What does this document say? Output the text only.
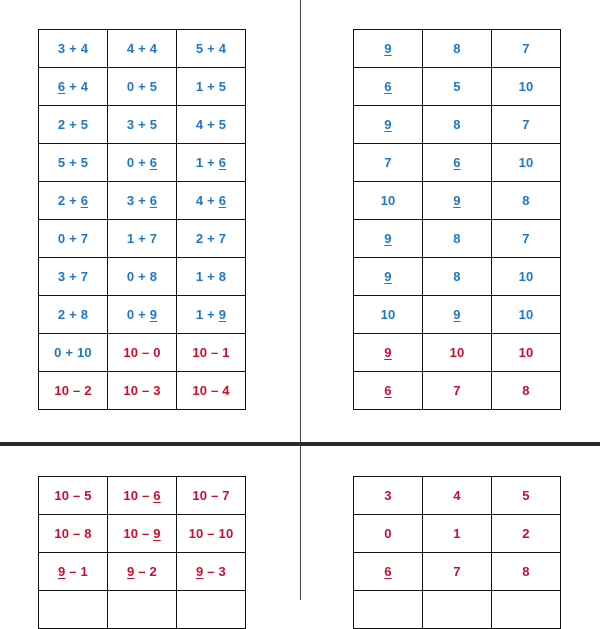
3 + 4	4 + 4	5 + 4
6 + 4	0 + 5	1 + 5
2 + 5	3 + 5	4 + 5
5 + 5	0 + 6	1 + 6
2 + 6	3 + 6	4 + 6
0 + 7	1 + 7	2 + 7
3 + 7	0 + 8	1 + 8
2 + 8	0 + 9	1 + 9
0 + 10	10 – 0	10 – 1
10 – 2	10 – 3	10 – 4
9	8	7
6	5	10
9	8	7
7	6	10
10	9	8
9	8	7
9	8	10
10	9	10
9	10	10
6	7	8
10 – 5	10 – 6	10 – 7
10 – 8	10 – 9	10 – 10
9 – 1	9 – 2	9 – 3

3	4	5
0	1	2
6	7	8
